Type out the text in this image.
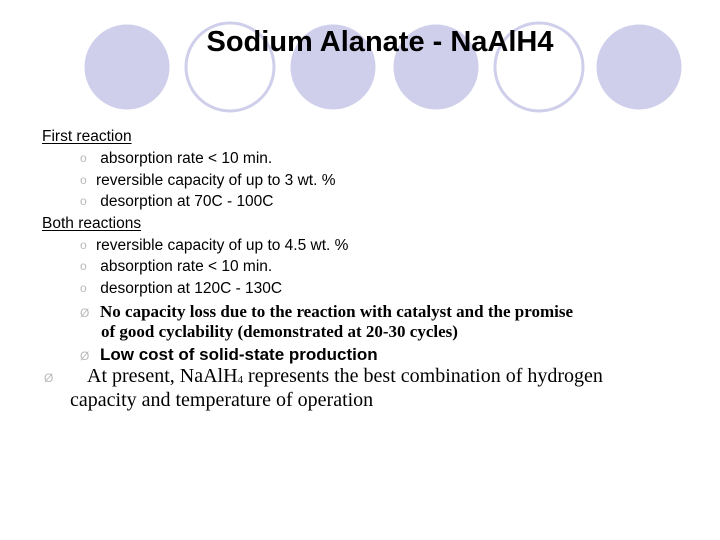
Sodium Alanate - NaAlH4
First reaction
o absorption rate < 10 min.
o reversible capacity of up to 3 wt. %
o desorption at 70C - 100C
Both reactions
o reversible capacity of up to 4.5 wt. %
o absorption rate < 10 min.
o desorption at 120C - 130C
Ø No capacity loss due to the reaction with catalyst and the promise
of good cyclability (demonstrated at 20-30 cycles)
Ø Low cost of solid-state production
Ø At present, NaAlH$_4$ represents the best combination of hydrogen
capacity and temperature of operation
